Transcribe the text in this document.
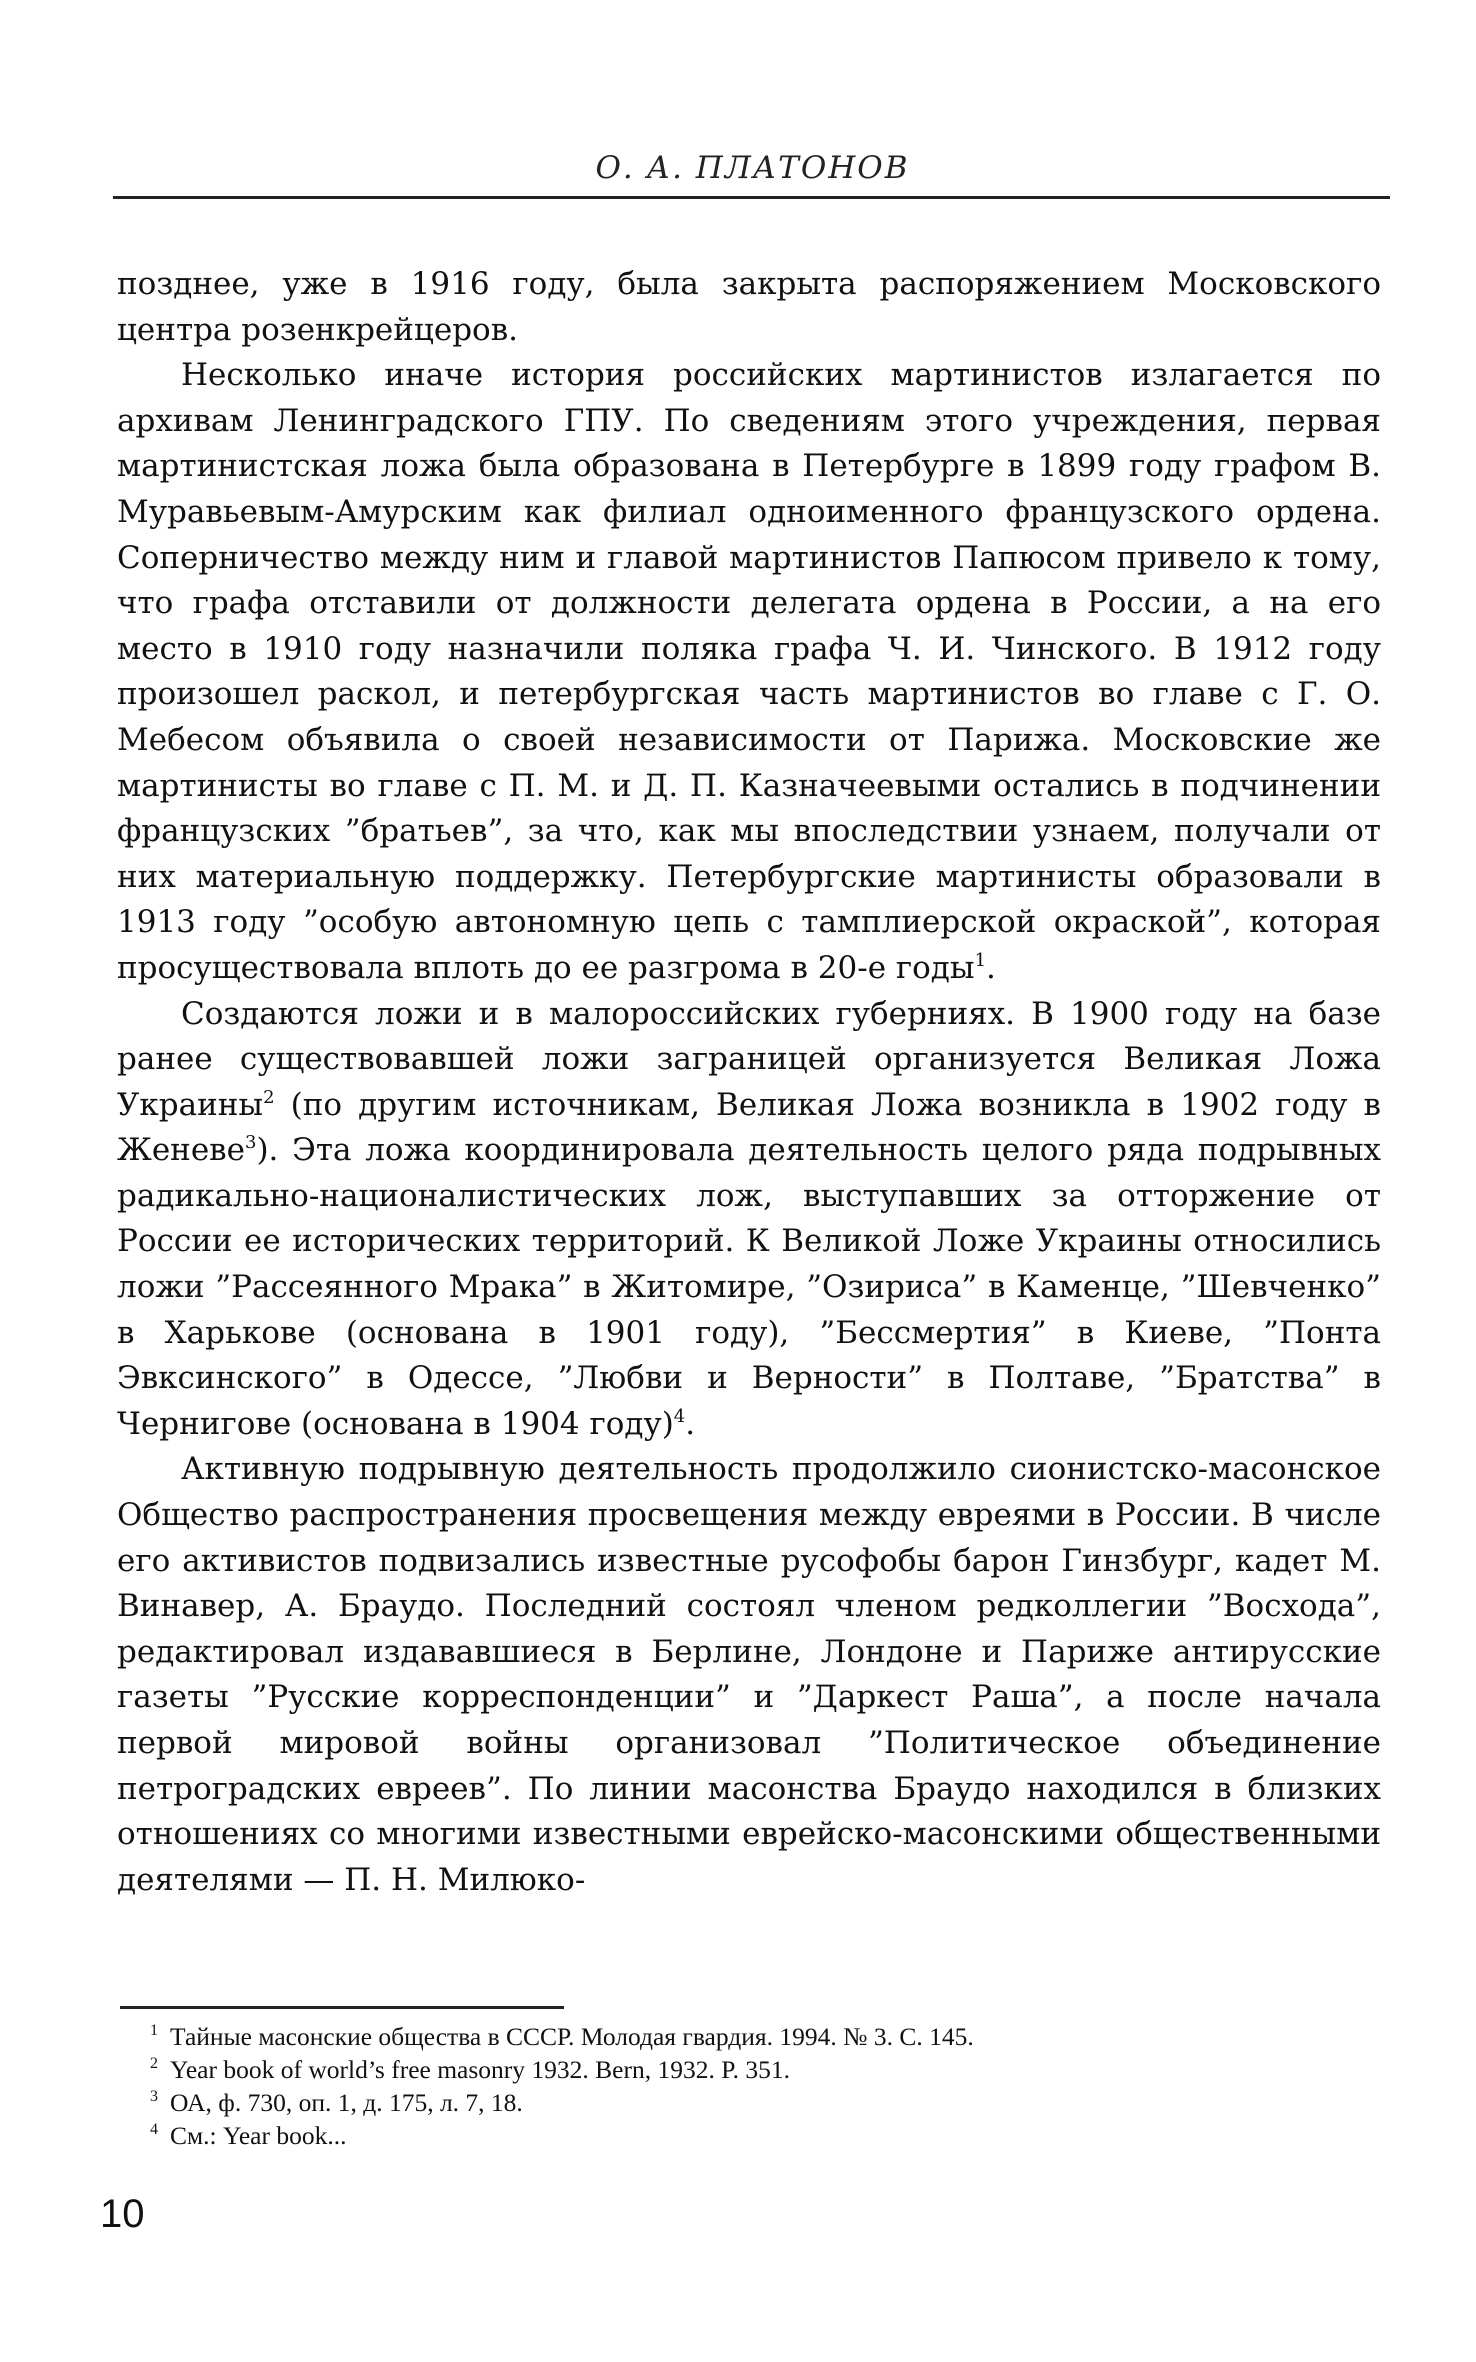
О. А. ПЛАТОНОВ

позднее, уже в 1916 году, была закрыта распоряжением Московского центра розенкрейцеров.

Несколько иначе история российских мартинистов излагается по архивам Ленинградского ГПУ. По сведениям этого учреждения, первая мартинистская ложа была образована в Петербурге в 1899 году графом В. Муравьевым-Амурским как филиал одноименного французского ордена. Соперничество между ним и главой мартинистов Папюсом привело к тому, что графа отставили от должности делегата ордена в России, а на его место в 1910 году назначили поляка графа Ч. И. Чинского. В 1912 году произошел раскол, и петербургская часть мартинистов во главе с Г. О. Мебесом объявила о своей независимости от Парижа. Московские же мартинисты во главе с П. М. и Д. П. Казначеевыми остались в подчинении французских ”братьев”, за что, как мы впоследствии узнаем, получали от них материальную поддержку. Петербургские мартинисты образовали в 1913 году ”особую автономную цепь с тамплиерской окраской”, которая просуществовала вплоть до ее разгрома в 20-е годы$^1$.

Создаются ложи и в малороссийских губерниях. В 1900 году на базе ранее существовавшей ложи заграницей организуется Великая Ложа Украины$^2$ (по другим источникам, Великая Ложа возникла в 1902 году в Женеве$^3$). Эта ложа координировала деятельность целого ряда подрывных радикально-националистических лож, выступавших за отторжение от России ее исторических территорий. К Великой Ложе Украины относились ложи ”Рассеянного Мрака” в Житомире, ”Озириса” в Каменце, ”Шевченко” в Харькове (основана в 1901 году), ”Бессмертия” в Киеве, ”Понта Эвксинского” в Одессе, ”Любви и Верности” в Полтаве, ”Братства” в Чернигове (основана в 1904 году)$^4$.

Активную подрывную деятельность продолжило сионистско-масонское Общество распространения просвещения между евреями в России. В числе его активистов подвизались известные русофобы барон Гинзбург, кадет М. Винавер, А. Браудо. Последний состоял членом редколлегии ”Восхода”, редактировал издававшиеся в Берлине, Лондоне и Париже антирусские газеты ”Русские корреспонденции” и ”Даркест Раша”, а после начала первой мировой войны организовал ”Политическое объединение петроградских евреев”. По линии масонства Браудо находился в близких отношениях со многими известными еврейско-масонскими общественными деятелями — П. Н. Милюко-

1 Тайные масонские общества в СССР. Молодая гвардия. 1994. № 3. С. 145.
2 Year book of world’s free masonry 1932. Bern, 1932. P. 351.
3 ОА, ф. 730, оп. 1, д. 175, л. 7, 18.
4 См.: Year book...
10
